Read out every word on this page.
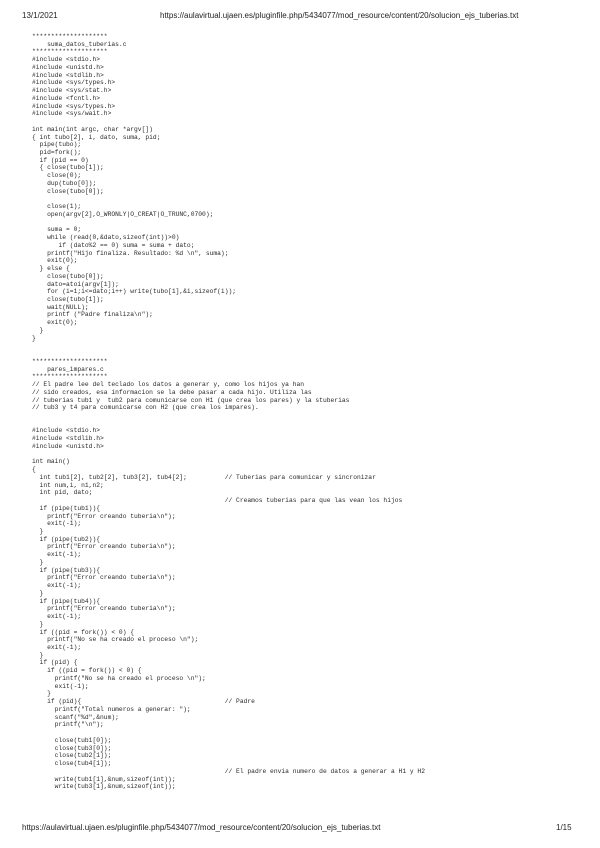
13/1/2021	https://aulavirtual.ujaen.es/pluginfile.php/5434077/mod_resource/content/20/solucion_ejs_tuberias.txt
********************
suma_datos_tuberias.c
********************
#include <stdio.h>
#include <unistd.h>
#include <stdlib.h>
#include <sys/types.h>
#include <sys/stat.h>
#include <fcntl.h>
#include <sys/types.h>
#include <sys/wait.h>

int main(int argc, char *argv[])
{ int tubo[2], i, dato, suma, pid;
pipe(tubo);
pid=fork();
if (pid == 0)
{ close(tubo[1]);
close(0);
dup(tubo[0]);
close(tubo[0]);

close(1);
open(argv[2],O_WRONLY|O_CREAT|O_TRUNC,0700);

suma = 0;
while (read(0,&dato,sizeof(int))>0)
if (dato%2 == 0) suma = suma + dato;
printf("Hijo finaliza. Resultado: %d \n", suma);
exit(0);
} else {
close(tubo[0]);
dato=atoi(argv[1]);
for (i=1;i<=dato;i++) write(tubo[1],&i,sizeof(i));
close(tubo[1]);
wait(NULL);
printf ("Padre finaliza\n");
exit(0);
}
}

********************
pares_impares.c
********************
// El padre lee del teclado los datos a generar y, como los hijos ya han
// sido creados, esa informacion se la debe pasar a cada hijo. Utiliza las
// tuberias tub1 y  tub2 para comunicarse con H1 (que crea los pares) y la stuberias
// tub3 y t4 para comunicarse con H2 (que crea los impares).

#include <stdio.h>
#include <stdlib.h>
#include <unistd.h>

int main()
{
int tub1[2], tub2[2], tub3[2], tub4[2];          // Tuberias para comunicar y sincronizar
int num,i, n1,n2;
int pid, dato;
// Creamos tuberias para que las vean los hijos
if (pipe(tub1)){
printf("Error creando tuberia\n");
exit(-1);
}
if (pipe(tub2)){
printf("Error creando tuberia\n");
exit(-1);
}
if (pipe(tub3)){
printf("Error creando tuberia\n");
exit(-1);
}
if (pipe(tub4)){
printf("Error creando tuberia\n");
exit(-1);
}
if ((pid = fork()) < 0) {
printf("No se ha creado el proceso \n");
exit(-1);
}
if (pid) {
if ((pid = fork()) < 0) {
printf("No se ha creado el proceso \n");
exit(-1);
}
if (pid){                                      // Padre
printf("Total numeros a generar: ");
scanf("%d",&num);
printf("\n");

close(tub1[0]);
close(tub3[0]);
close(tub2[1]);
close(tub4[1]);
// El padre envia numero de datos a generar a H1 y H2
write(tub1[1],&num,sizeof(int));
write(tub3[1],&num,sizeof(int));
https://aulavirtual.ujaen.es/pluginfile.php/5434077/mod_resource/content/20/solucion_ejs_tuberias.txt	1/15
